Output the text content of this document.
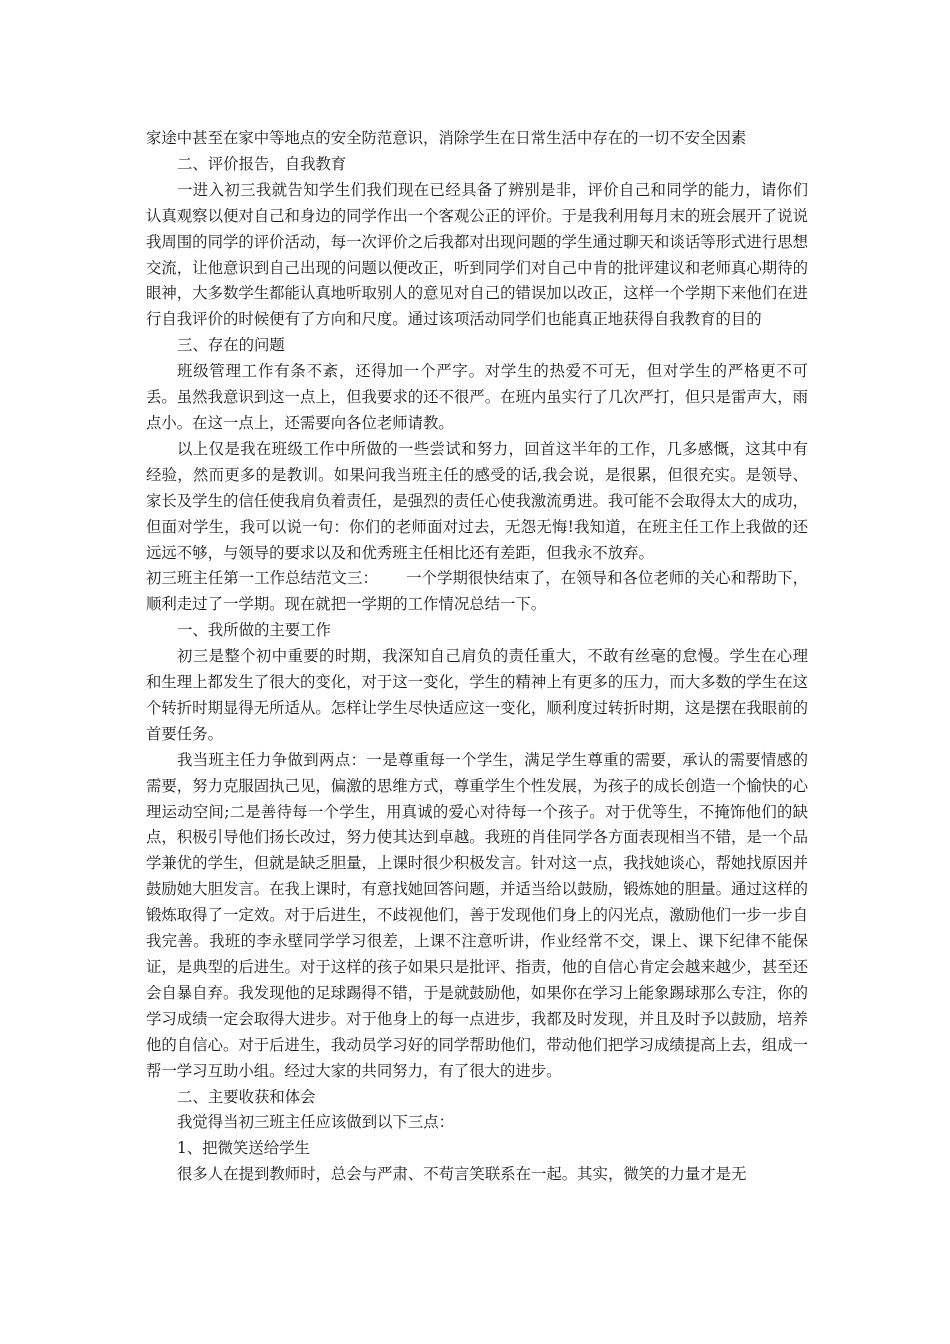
家途中甚至在家中等地点的安全防范意识，消除学生在日常生活中存在的一切不安全因素

二、评价报告，自我教育

一进入初三我就告知学生们我们现在已经具备了辨别是非，评价自己和同学的能力，请你们认真观察以便对自己和身边的同学作出一个客观公正的评价。于是我利用每月末的班会展开了说说我周围的同学的评价活动，每一次评价之后我都对出现问题的学生通过聊天和谈话等形式进行思想交流，让他意识到自己出现的问题以便改正，听到同学们对自己中肯的批评建议和老师真心期待的眼神，大多数学生都能认真地听取别人的意见对自己的错误加以改正，这样一个学期下来他们在进行自我评价的时候便有了方向和尺度。通过该项活动同学们也能真正地获得自我教育的目的

三、存在的问题

班级管理工作有条不紊，还得加一个严字。对学生的热爱不可无，但对学生的严格更不可丢。虽然我意识到这一点上，但我要求的还不很严。在班内虽实行了几次严打，但只是雷声大，雨点小。在这一点上，还需要向各位老师请教。

以上仅是我在班级工作中所做的一些尝试和努力，回首这半年的工作，几多感慨，这其中有经验，然而更多的是教训。如果问我当班主任的感受的话,我会说，是很累，但很充实。是领导、家长及学生的信任使我肩负着责任，是强烈的责任心使我激流勇进。我可能不会取得太大的成功，但面对学生，我可以说一句：你们的老师面对过去，无怨无悔!我知道，在班主任工作上我做的还远远不够，与领导的要求以及和优秀班主任相比还有差距，但我永不放弃。

初三班主任第一工作总结范文三：　　 一个学期很快结束了，在领导和各位老师的关心和帮助下，顺利走过了一学期。现在就把一学期的工作情况总结一下。

一、我所做的主要工作

初三是整个初中重要的时期，我深知自己肩负的责任重大，不敢有丝毫的怠慢。学生在心理和生理上都发生了很大的变化，对于这一变化，学生的精神上有更多的压力，而大多数的学生在这个转折时期显得无所适从。怎样让学生尽快适应这一变化，顺利度过转折时期，这是摆在我眼前的首要任务。

我当班主任力争做到两点：一是尊重每一个学生，满足学生尊重的需要，承认的需要情感的需要，努力克服固执己见，偏激的思维方式，尊重学生个性发展，为孩子的成长创造一个愉快的心理运动空间;二是善待每一个学生，用真诚的爱心对待每一个孩子。对于优等生，不掩饰他们的缺点，积极引导他们扬长改过，努力使其达到卓越。我班的肖佳同学各方面表现相当不错，是一个品学兼优的学生，但就是缺乏胆量，上课时很少积极发言。针对这一点，我找她谈心，帮她找原因并鼓励她大胆发言。在我上课时，有意找她回答问题，并适当给以鼓励，锻炼她的胆量。通过这样的锻炼取得了一定效。对于后进生，不歧视他们，善于发现他们身上的闪光点，激励他们一步一步自我完善。我班的李永壁同学学习很差，上课不注意听讲，作业经常不交，课上、课下纪律不能保证，是典型的后进生。对于这样的孩子如果只是批评、指责，他的自信心肯定会越来越少，甚至还会自暴自弃。我发现他的足球踢得不错，于是就鼓励他，如果你在学习上能象踢球那么专注，你的学习成绩一定会取得大进步。对于他身上的每一点进步，我都及时发现，并且及时予以鼓励，培养他的自信心。对于后进生，我动员学习好的同学帮助他们，带动他们把学习成绩提高上去，组成一帮一学习互助小组。经过大家的共同努力，有了很大的进步。

二、主要收获和体会

我觉得当初三班主任应该做到以下三点：

1、把微笑送给学生

很多人在提到教师时，总会与严肃、不苟言笑联系在一起。其实，微笑的力量才是无
